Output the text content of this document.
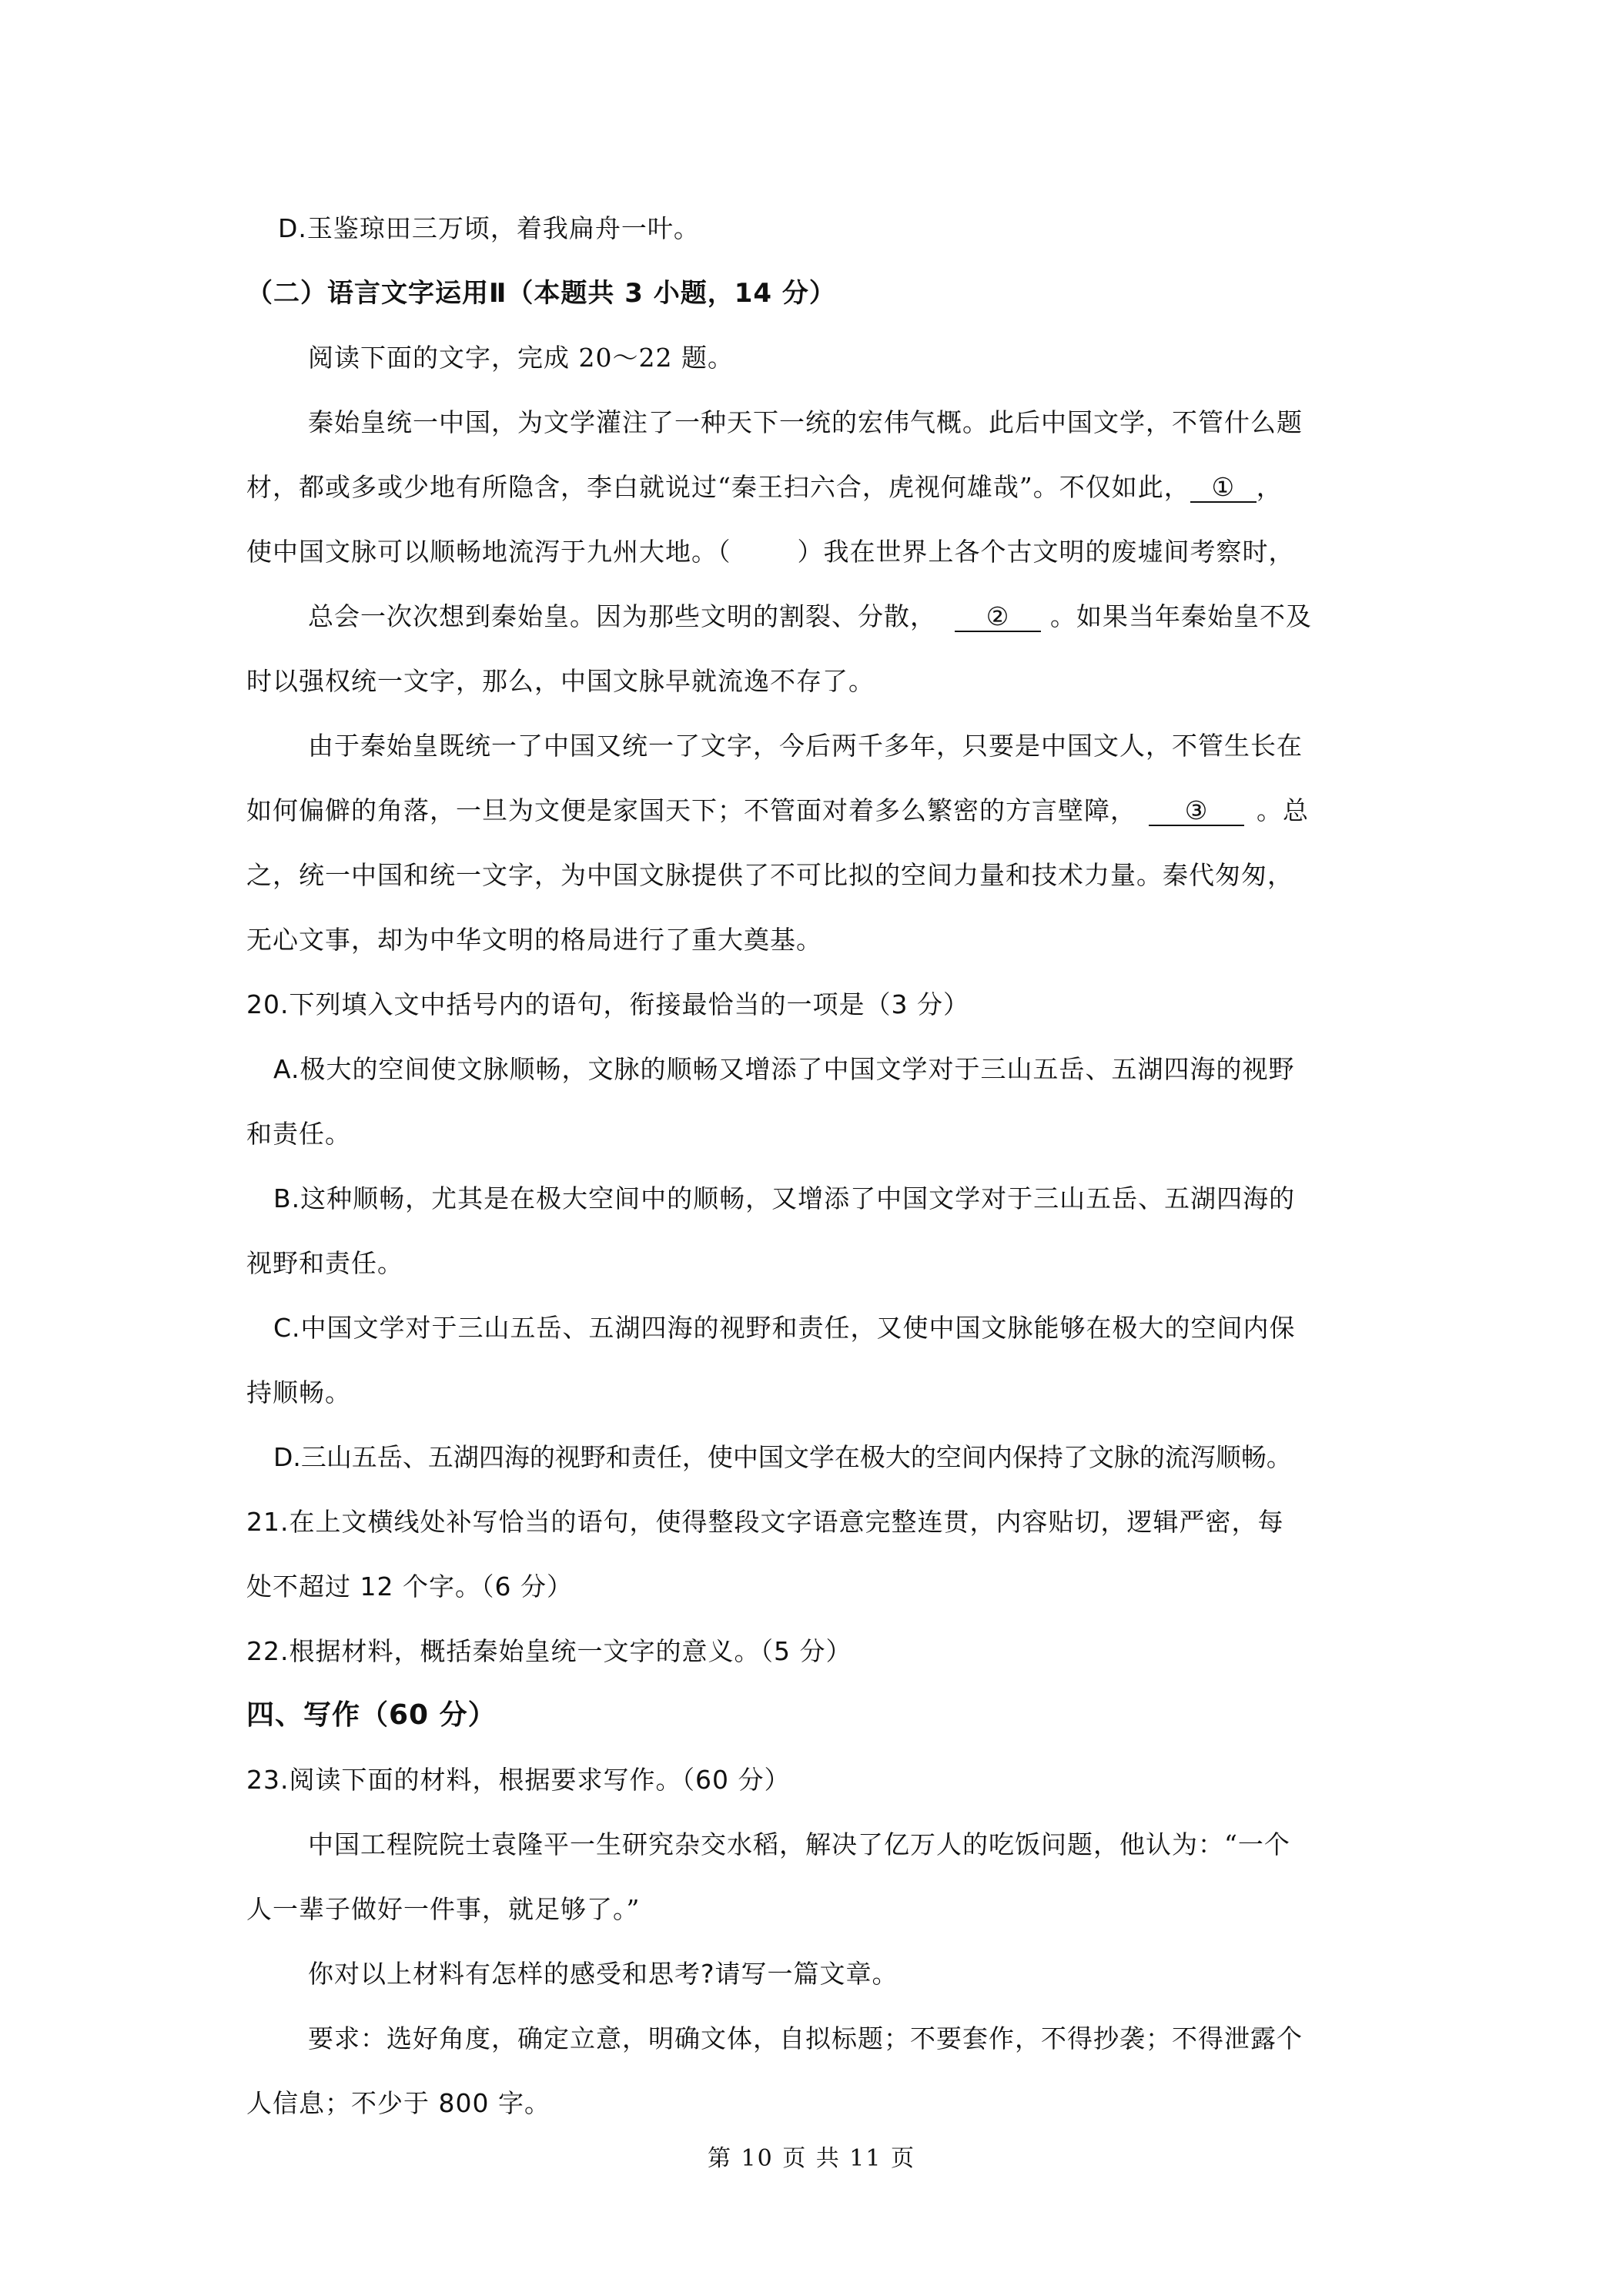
D.玉鉴琼田三万顷，着我扁舟一叶。
（二）语言文字运用Ⅱ（本题共 3 小题，14 分）
阅读下面的文字，完成 20～22 题。
秦始皇统一中国，为文学灌注了一种天下一统的宏伟气概。此后中国文学，不管什么题
材，都或多或少地有所隐含，李白就说过“秦王扫六合，虎视何雄哉”。不仅如此， ① ，
使中国文脉可以顺畅地流泻于九州大地。（	）我在世界上各个古文明的废墟间考察时，
总会一次次想到秦始皇。因为那些文明的割裂、分散， ② 。如果当年秦始皇不及
时以强权统一文字，那么，中国文脉早就流逸不存了。
由于秦始皇既统一了中国又统一了文字，今后两千多年，只要是中国文人，不管生长在
如何偏僻的角落，一旦为文便是家国天下；不管面对着多么繁密的方言壁障， ③ 。总
之，统一中国和统一文字，为中国文脉提供了不可比拟的空间力量和技术力量。秦代匆匆，
无心文事，却为中华文明的格局进行了重大奠基。
20.下列填入文中括号内的语句，衔接最恰当的一项是（3 分）
A.极大的空间使文脉顺畅，文脉的顺畅又增添了中国文学对于三山五岳、五湖四海的视野
和责任。
B.这种顺畅，尤其是在极大空间中的顺畅，又增添了中国文学对于三山五岳、五湖四海的
视野和责任。
C.中国文学对于三山五岳、五湖四海的视野和责任，又使中国文脉能够在极大的空间内保
持顺畅。
D.三山五岳、五湖四海的视野和责任，使中国文学在极大的空间内保持了文脉的流泻顺畅。
21.在上文横线处补写恰当的语句，使得整段文字语意完整连贯，内容贴切，逻辑严密，每
处不超过 12 个字。（6 分）
22.根据材料，概括秦始皇统一文字的意义。（5 分）
四、写作（60 分）
23.阅读下面的材料，根据要求写作。（60 分）
中国工程院院士袁隆平一生研究杂交水稻，解决了亿万人的吃饭问题，他认为：“一个
人一辈子做好一件事，就足够了。”
你对以上材料有怎样的感受和思考?请写一篇文章。
要求：选好角度，确定立意，明确文体，自拟标题；不要套作，不得抄袭；不得泄露个
人信息；不少于 800 字。
第 10 页 共 11 页
